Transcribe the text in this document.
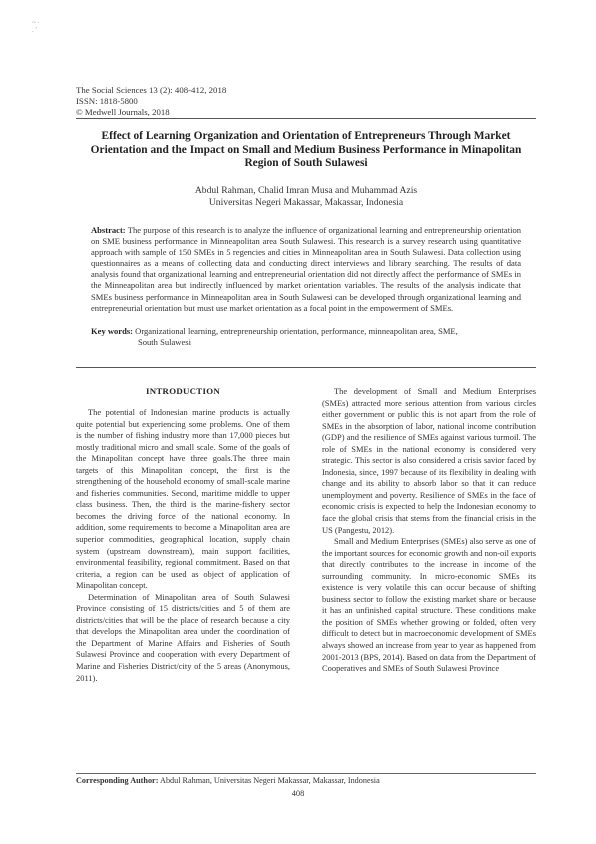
~ ·
. '
The Social Sciences 13 (2): 408-412, 2018
ISSN: 1818-5800
© Medwell Journals, 2018
Effect of Learning Organization and Orientation of Entrepreneurs Through Market Orientation and the Impact on Small and Medium Business Performance in Minapolitan Region of South Sulawesi
Abdul Rahman, Chalid Imran Musa and Muhammad Azis
Universitas Negeri Makassar, Makassar, Indonesia
Abstract: The purpose of this research is to analyze the influence of organizational learning and entrepreneurship orientation on SME business performance in Minneapolitan area South Sulawesi. This research is a survey research using quantitative approach with sample of 150 SMEs in 5 regencies and cities in Minneapolitan area in South Sulawesi. Data collection using questionnaires as a means of collecting data and conducting direct interviews and library searching. The results of data analysis found that organizational learning and entrepreneurial orientation did not directly affect the performance of SMEs in the Minneapolitan area but indirectly influenced by market orientation variables. The results of the analysis indicate that SMEs business performance in Minneapolitan area in South Sulawesi can be developed through organizational learning and entrepreneurial orientation but must use market orientation as a focal point in the empowerment of SMEs.
Key words: Organizational learning, entrepreneurship orientation, performance, minneapolitan area, SME,
South Sulawesi
INTRODUCTION

The potential of Indonesian marine products is actually quite potential but experiencing some problems. One of them is the number of fishing industry more than 17,000 pieces but mostly traditional micro and small scale. Some of the goals of the Minapolitan concept have three goals.The three main targets of this Minapolitan concept, the first is the strengthening of the household economy of small-scale marine and fisheries communities. Second, maritime middle to upper class business. Then, the third is the marine-fishery sector becomes the driving force of the national economy. In addition, some requirements to become a Minapolitan area are superior commodities, geographical location, supply chain system (upstream downstream), main support facilities, environmental feasibility, regional commitment. Based on that criteria, a region can be used as object of application of Minapolitan concept.

Determination of Minapolitan area of South Sulawesi Province consisting of 15 districts/cities and 5 of them are districts/cities that will be the place of research because a city that develops the Minapolitan area under the coordination of the Department of Marine Affairs and Fisheries of South Sulawesi Province and cooperation with every Department of Marine and Fisheries District/city of the 5 areas (Anonymous, 2011).

The development of Small and Medium Enterprises (SMEs) attracted more serious attention from various circles either government or public this is not apart from the role of SMEs in the absorption of labor, national income contribution (GDP) and the resilience of SMEs against various turmoil. The role of SMEs in the national economy is considered very strategic. This sector is also considered a crisis savior faced by Indonesia, since, 1997 because of its flexibility in dealing with change and its ability to absorb labor so that it can reduce unemployment and poverty. Resilience of SMEs in the face of economic crisis is expected to help the Indonesian economy to face the global crisis that stems from the financial crisis in the US (Pangestu, 2012).

Small and Medium Enterprises (SMEs) also serve as one of the important sources for economic growth and non-oil exports that directly contributes to the increase in income of the surrounding community. In micro-economic SMEs its existence is very volatile this can occur because of shifting business sector to follow the existing market share or because it has an unfinished capital structure. These conditions make the position of SMEs whether growing or folded, often very difficult to detect but in macroeconomic development of SMEs always showed an increase from year to year as happened from 2001-2013 (BPS, 2014). Based on data from the Department of Cooperatives and SMEs of South Sulawesi Province

Corresponding Author: Abdul Rahman, Universitas Negeri Makassar, Makassar, Indonesia
408
